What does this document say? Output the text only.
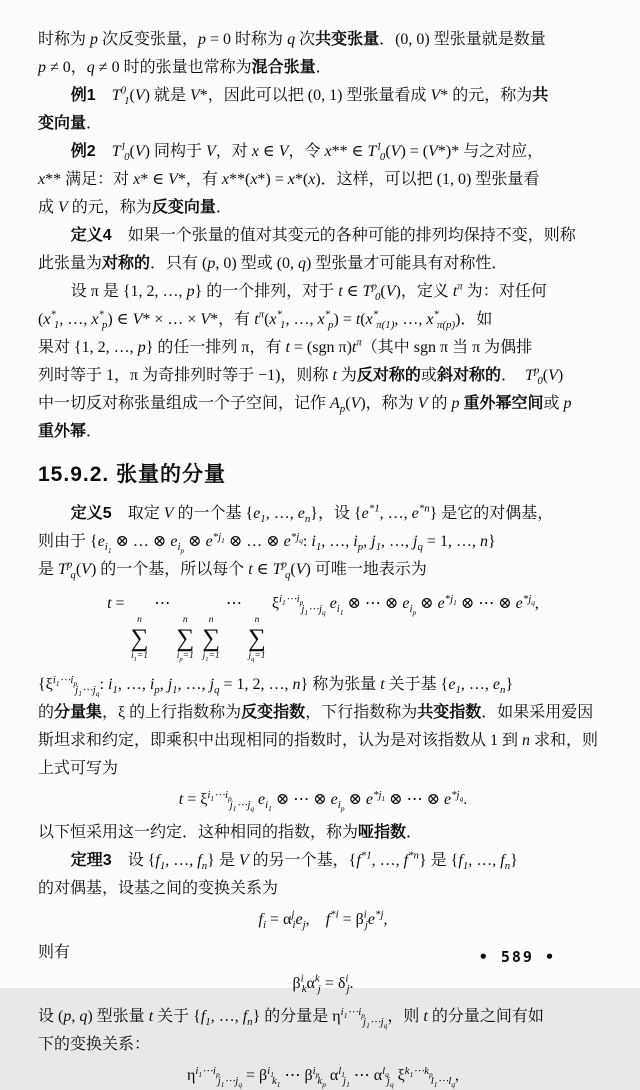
时称为 p 次反变张量，p = 0 时称为 q 次共变张量．(0, 0) 型张量就是数量
p ≠ 0，q ≠ 0 时的张量也常称为混合张量．

例1　 $T^0_1(V)$ 就是 V*，因此可以把 (0, 1) 型张量看成 V* 的元，称为共
变向量．

例2　 $T^1_0(V)$ 同构于 V，对 x ∈ V，令 x** ∈ $T^1_0(V) = (V*)*$ 与之对应，
x** 满足：对 x* ∈ V*，有 x**(x*) = x*(x)．这样，可以把 (1, 0) 型张量看
成 V 的元，称为反变向量．

定义4　如果一个张量的值对其变元的各种可能的排列均保持不变，则称
此张量为对称的．只有 (p, 0) 型或 (0, q) 型张量才可能具有对称性．

设 π 是 {1, 2, …, p} 的一个排列，对于 t ∈ $T^p_0(V)$，定义 $t^\pi$ 为：对任何
($x^*_1$, …, $x^*_p$) ∈ V* × … × V*，有 $t^\pi(x^*_1$, …, $x^*_p) = t(x^*_{\pi(1)}$, …, $x^*_{\pi(p)}$)．如
果对 {1, 2, …, p} 的任一排列 π，有 t = (sgn $\pi)t^\pi$（其中 sgn π 当 π 为偶排
列时等于 1，π 为奇排列时等于 −1)，则称 t 为反对称的或斜对称的．　$T^p_0(V)$
中一切反对称张量组成一个子空间，记作 $A_p(V)$，称为 V 的 p 重外幂空间或 p
重外幂．

15.9.2. 张量的分量

定义5　取定 V 的一个基 {$e_1$, …, $e_n$}，设 {$e^{*1}$, …, $e^{*n}$} 是它的对偶基，
则由于 {$e_{i_1}$ ⊗ … ⊗ $e_{i_p}$ ⊗ $e^{*j_1}$ ⊗ … ⊗ $e^{*j_q}$: $i_1$, …, $i_p$, $j_1$, …, $j_q = 1$, …, n}
是 $T^p_q(V)$ 的一个基，所以每个 t ∈ $T^p_q(V)$ 可唯一地表示为

t =
n
∑
$i_1=1$
⋯
n
∑
$i_p=1$

n
∑
$j_1=1$
⋯
n
∑
$j_q=1$
$\xi^{i_1\cdots i_p}_{j_1\cdots j_q}$ $e_{i_1}$ ⊗ ⋯ ⊗ $e_{i_p}$ ⊗ $e^{*j_1}$ ⊗ ⋯ ⊗ $e^{*j_q}$,

{$\xi^{i_1\cdots i_p}_{j_1\cdots j_q}$: $i_1$, …, $i_p$, $j_1$, …, $j_q = 1$, 2, …, n} 称为张量 t 关于基 {$e_1$, …, $e_n$}
的分量集，ξ 的上行指数称为反变指数，下行指数称为共变指数．如果采用爱因
斯坦求和约定，即乘积中出现相同的指数时，认为是对该指数从 1 到 n 求和，则
上式可写为

$t = \xi^{i_1\cdots i_p}_{j_1\cdots j_q}$ $e_{i_1}$ ⊗ ⋯ ⊗ $e_{i_p}$ ⊗ $e^{*j_1}$ ⊗ ⋯ ⊗ $e^{*j_q}$.

以下恒采用这一约定．这种相同的指数，称为哑指数．

定理3　设 {$f_1$, …, $f_n$} 是 V 的另一个基，{$f^{*1}$, …, $f^{*n}$} 是 {$f_1$, …, $f_n$}
的对偶基，设基之间的变换关系为

$f_i = \alpha^j_ie_j$,　$f^{*i} = \beta^i_je^{*j}$,

则有

$\beta^i_k\alpha^k_j = \delta^i_j$.

设 (p, q) 型张量 t 关于 {$f_1$, …, $f_n$} 的分量是 $\eta^{i_1\cdots i_p}_{j_1\cdots j_q}$，则 t 的分量之间有如
下的变换关系：

$\eta^{i_1\cdots i_p}_{j_1\cdots j_q} = \beta^{i_1}_{k_1}$ ⋯ $\beta^{i_p}_{k_p}$ $\alpha^{l_1}_{j_1}$ ⋯ $\alpha^{l_q}_{j_q}$ $\xi^{k_1\cdots k_p}_{l_1\cdots l_q}$,
• 589 •
